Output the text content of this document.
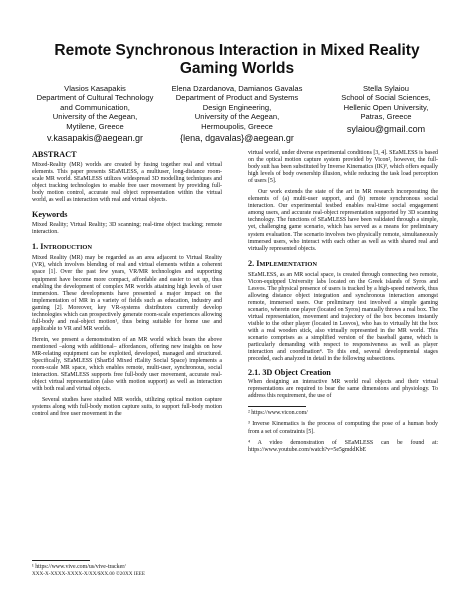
Remote Synchronous Interaction in Mixed Reality Gaming Worlds
Vlasios Kasapakis
Department of Cultural Technology
and Communication,
University of the Aegean,
Mytilene, Greece
v.kasapakis@aegean.gr
Elena Dzardanova, Damianos Gavalas
Department of Product and Systems
Design Engineering,
University of the Aegean,
Hermoupolis, Greece
{lena, dgavalas}@aegean.gr
Stella Sylaiou
School of Social Sciences,
Hellenic Open University,
Patras, Greece
sylaiou@gmail.com
ABSTRACT

Mixed-Reality (MR) worlds are created by fusing together real and virtual elements. This paper presents SEaMLESS, a multiuser, long-distance room-scale MR world. SEaMLESS utilizes widespread 3D modelling techniques and object tracking technologies to enable free user movement by providing full-body motion control, accurate real object representation within the virtual world, as well as interaction with real and virtual objects.

Keywords

Mixed Reality; Virtual Reality; 3D scanning; real-time object tracking; remote interaction.

1. INTRODUCTION

Mixed Reality (MR) may be regarded as an area adjacent to Virtual Reality (VR), which involves blending of real and virtual elements within a coherent space [1]. Over the past few years, VR/MR technologies and supporting equipment have become more compact, affordable and easier to set up, thus enabling the development of complex MR worlds attaining high levels of user immersion. These developments have presented a major impact on the implementation of MR in a variety of fields such as education, industry and gaming [2]. Moreover, key VR-systems distributors currently develop technologies which can prospectively generate room-scale experiences allowing full-body and real-object motion¹, thus being suitable for home use and applicable to VR and MR worlds.

Herein, we present a demonstration of an MR world which bears the above mentioned –along with additional– affordances, offering new insights on how MR-relating equipment can be exploited, developed, managed and structured. Specifically, SEaMLESS (SharEd Mixed rEality Social Space) implements a room-scale MR space, which enables remote, multi-user, synchronous, social interaction. SEaMLESS supports free full-body user movement, accurate real-object virtual representation (also with motion support) as well as interaction with both real and virtual objects.

Several studies have studied MR worlds, utilizing optical motion capture systems along with full-body motion capture suits, to support full-body motion control and free user movement in the

¹ https://www.vive.com/us/vive-tracker/

virtual world, under diverse experimental conditions [3, 4]. SEaMLESS is based on the optical motion capture system provided by Vicon², however, the full-body suit has been substituted by Inverse Kinematics (IK)³, which offers equally high levels of body ownership illusion, while reducing the task load perception of users [5].

Our work extends the state of the art in MR research incorporating the elements of (a) multi-user support, and (b) remote synchronous social interaction. Our experimental testbed enables real-time social engagement among users, and accurate real-object representation supported by 3D scanning technology. The functions of SEaMLESS have been validated through a simple, yet, challenging game scenario, which has served as a means for preliminary system evaluation. The scenario involves two physically remote, simultaneously immersed users, who interact with each other as well as with shared real and virtually represented objects.

2. IMPLEMENTATION

SEaMLESS, as an MR social space, is created through connecting two remote, Vicon-equipped University labs located on the Greek islands of Syros and Lesvos. The physical presence of users is tracked by a high-speed network, thus allowing distance object integration and synchronous interaction amongst remote, immersed users. Our preliminary test involved a simple gaming scenario, wherein one player (located on Syros) manually throws a real box. The virtual representation, movement and trajectory of the box becomes instantly visible to the other player (located in Lesvos), who has to virtually hit the box with a real wooden stick, also virtually represented in the MR world. This scenario comprises as a simplified version of the baseball game, which is particularly demanding with respect to responsiveness as well as player interaction and coordination⁴. To this end, several developmental stages preceded, each analyzed in detail in the following subsections.

2.1. 3D Object Creation

When designing an interactive MR world real objects and their virtual representations are required to bear the same dimensions and physiology. To address this requirement, the use of

² https://www.vicon.com/

³ Inverse Kinematics is the process of computing the pose of a human body from a set of constraints [5].

⁴ A video demonstration of SEaMLESS can be found at: https://www.youtube.com/watch?v=5e5gmddKbE

XXX-X-XXXX-XXXX-X/XX/$XX.00 ©20XX IEEE
